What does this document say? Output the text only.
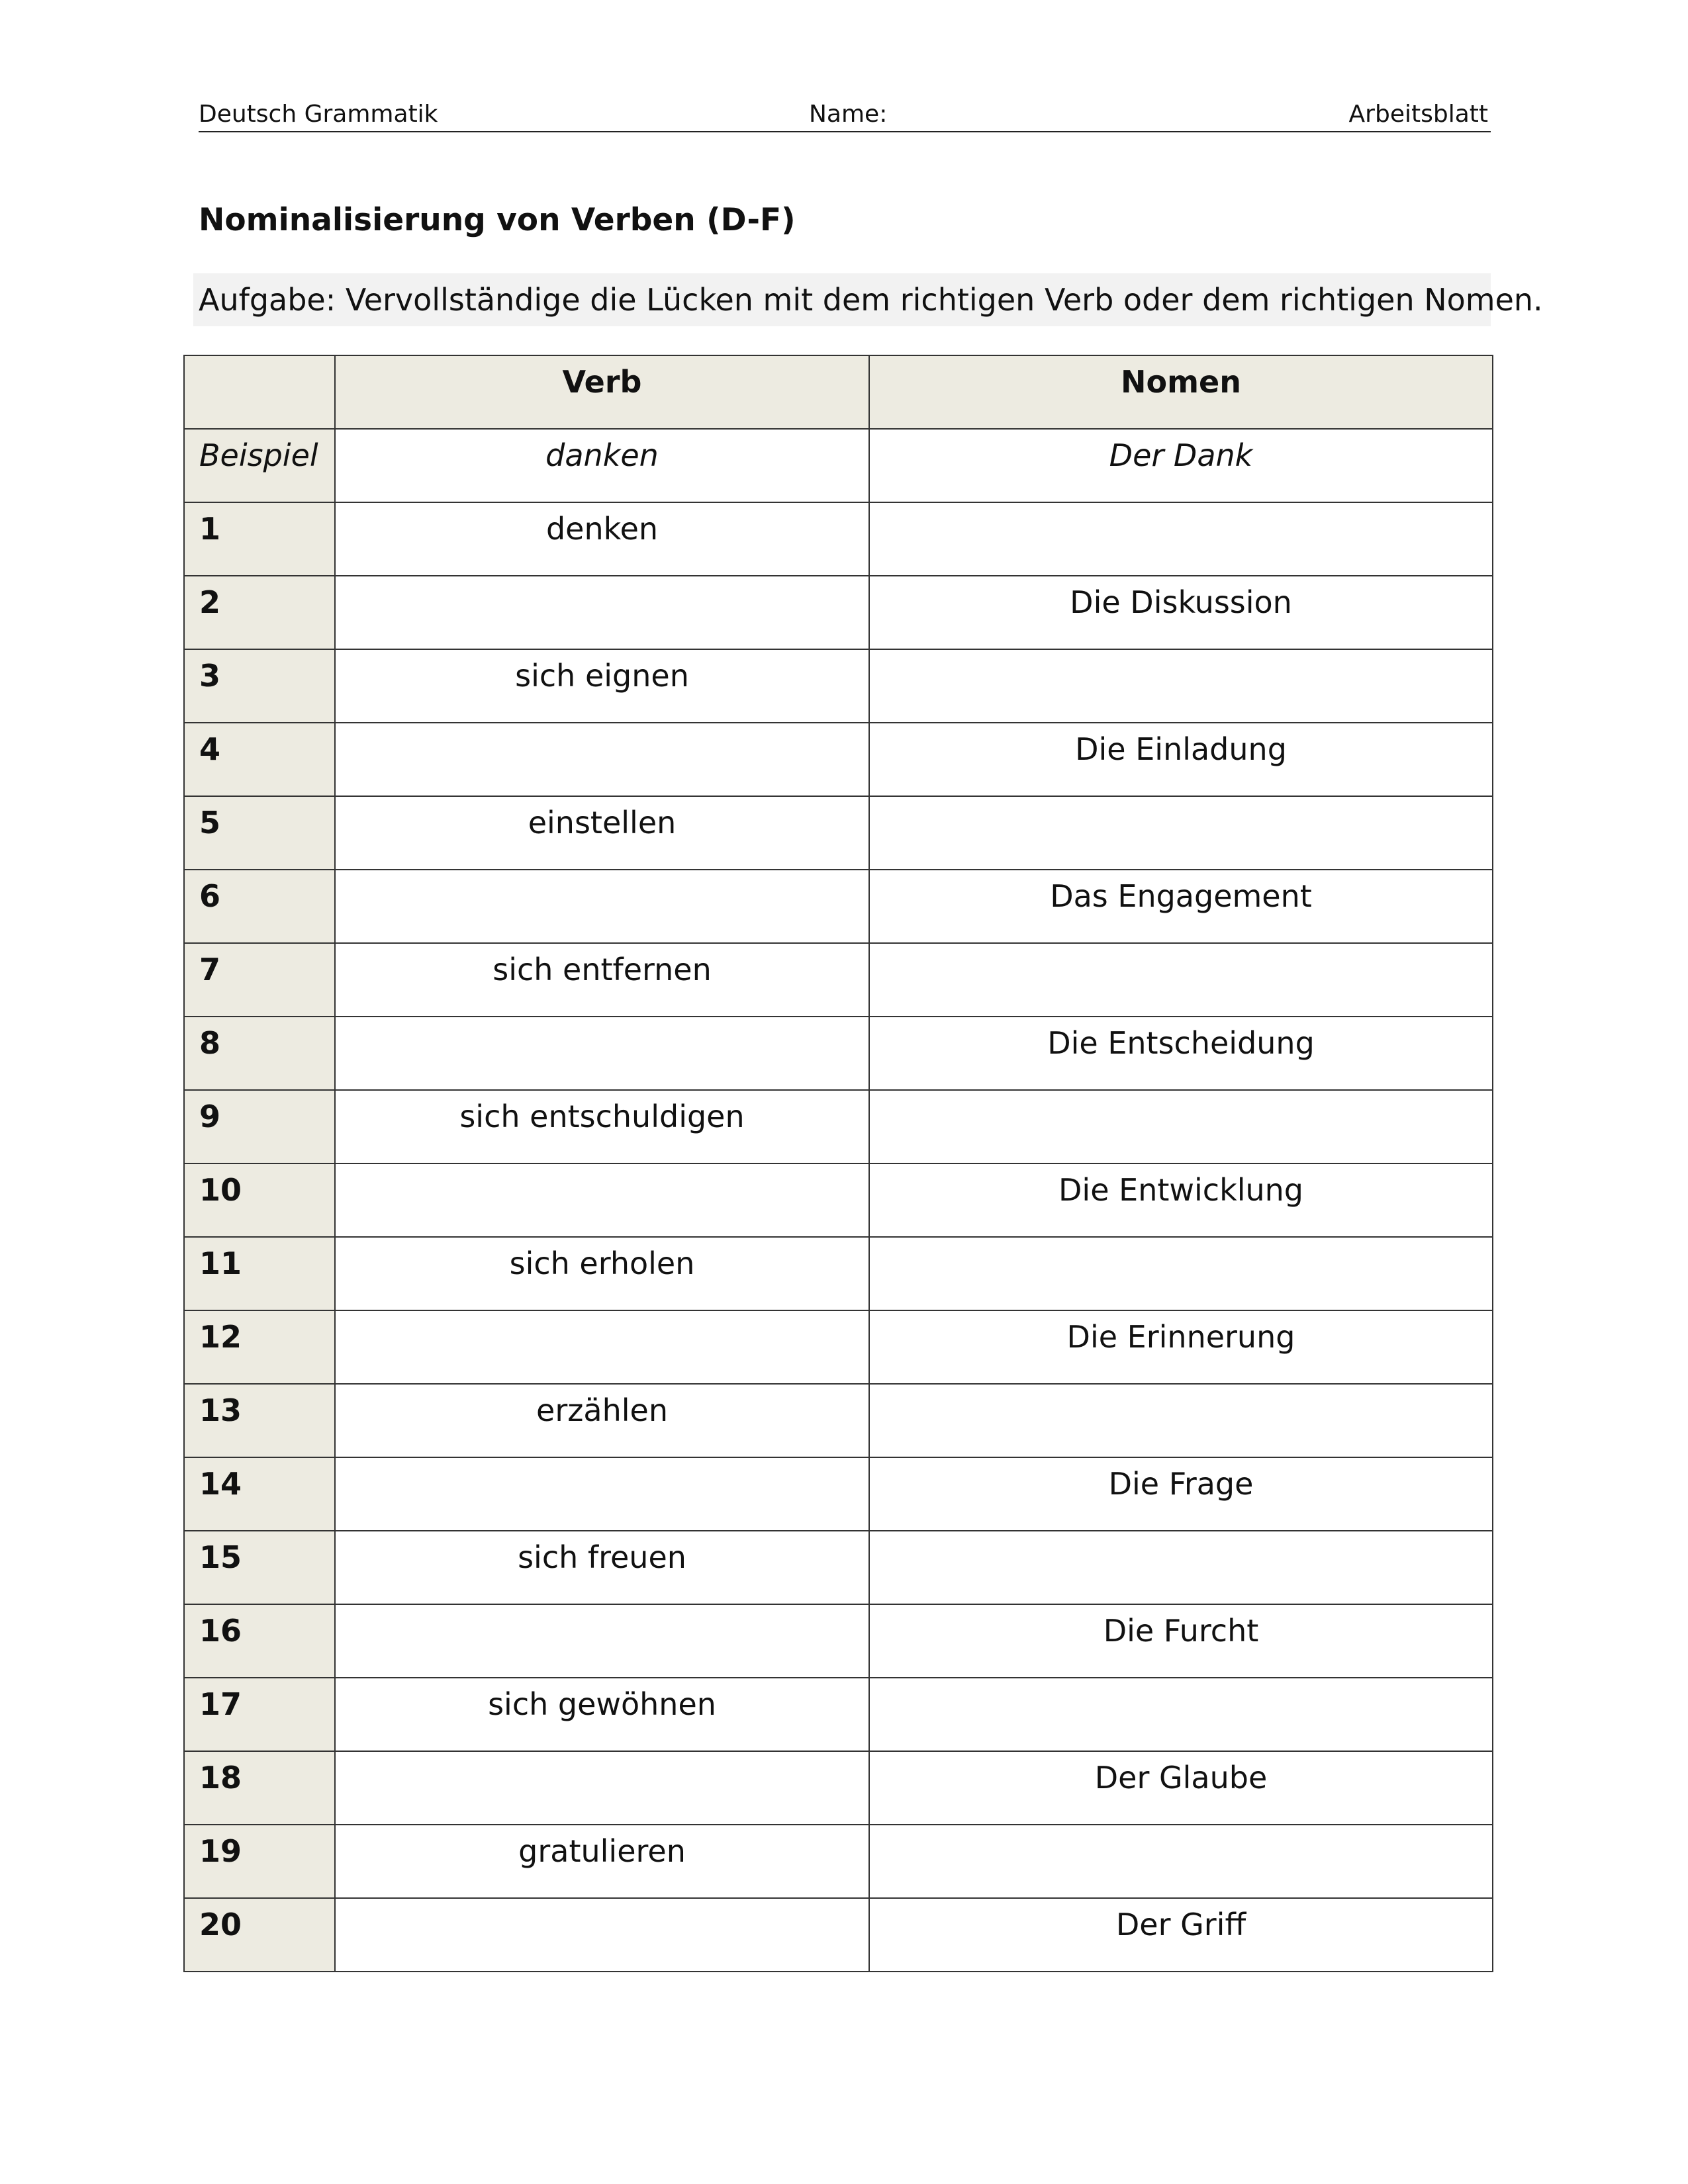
Deutsch Grammatik	Name:	Arbeitsblatt
Nominalisierung von Verben (D-F)
Aufgabe: Vervollständige die Lücken mit dem richtigen Verb oder dem richtigen Nomen.
	Verb	Nomen
Beispiel	danken	Der Dank
1	denken	
2		Die Diskussion
3	sich eignen	
4		Die Einladung
5	einstellen	
6		Das Engagement
7	sich entfernen	
8		Die Entscheidung
9	sich entschuldigen	
10		Die Entwicklung
11	sich erholen	
12		Die Erinnerung
13	erzählen	
14		Die Frage
15	sich freuen	
16		Die Furcht
17	sich gewöhnen	
18		Der Glaube
19	gratulieren	
20		Der Griff
